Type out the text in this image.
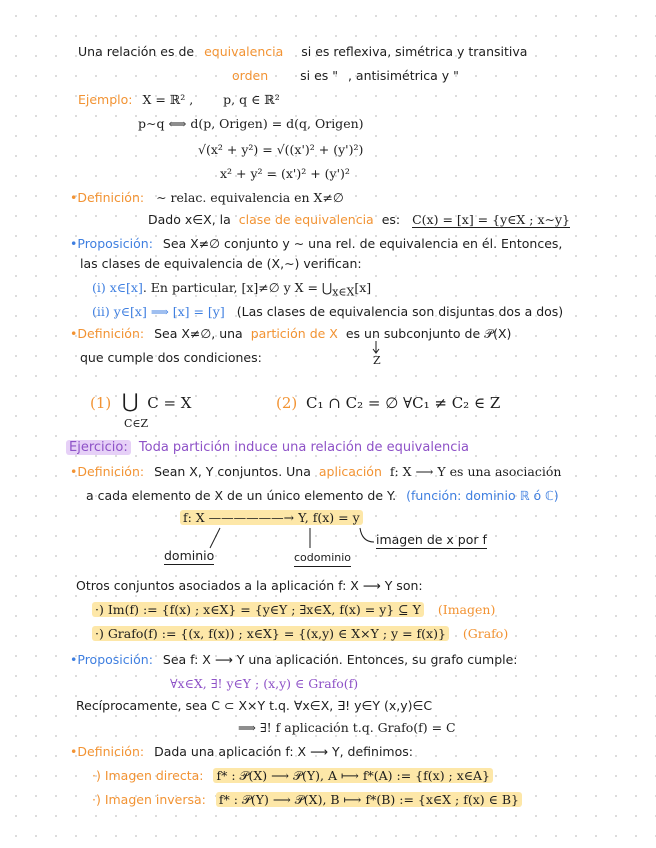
Una relación es de equivalencia si es reflexiva, simétrica y transitiva
orden	si es " , antisimétrica y "
Ejemplo: X = ℝ² , p, q ∈ ℝ²
p∼q ⟺ d(p, Origen) = d(q, Origen)
√(x² + y²) = √((x')² + (y')²)
x² + y² = (x')² + (y')²
•Definición: ∼ relac. equivalencia en X≠∅
Dado x∈X, la clase de equivalencia es: C(x) = [x] = {y∈X ; x∼y}
•Proposición: Sea X≠∅ conjunto y ∼ una rel. de equivalencia en él. Entonces,
las clases de equivalencia de (X,∼) verifican:
(i) x∈[x]. En particular, [x]≠∅ y $X = ⋃_{x\in X}[x]$
(ii) y∈[x] ⟹ [x] = [y] (Las clases de equivalencia son disjuntas dos a dos)
•Definición: Sea X≠∅, una partición de X es un subconjunto de 𝒫(X)
Z
que cumple dos condiciones:
(1) ⋃ C = X
C∈Z
(2) C₁ ∩ C₂ = ∅ ∀C₁ ≠ C₂ ∈ Z
Ejercicio: Toda partición induce una relación de equivalencia
•Definición: Sean X, Y conjuntos. Una aplicación f: X ⟶ Y es una asociación
a cada elemento de X de un único elemento de Y. (función: dominio ℝ ó ℂ)
f: X ——————→ Y, f(x) = y
dominio	codominio
imagen de x por f
Otros conjuntos asociados a la aplicación f: X ⟶ Y son:
·) Im(f) := {f(x) ; x∈X} = {y∈Y ; ∃x∈X, f(x) = y} ⊆ Y (Imagen)
·) Grafo(f) := {(x, f(x)) ; x∈X} = {(x,y) ∈ X×Y ; y = f(x)} (Grafo)
•Proposición: Sea f: X ⟶ Y una aplicación. Entonces, su grafo cumple:
∀x∈X, ∃! y∈Y ; (x,y) ∈ Grafo(f)
Recíprocamente, sea C ⊂ X×Y t.q. ∀x∈X, ∃! y∈Y (x,y)∈C
⟹ ∃! f aplicación t.q. Grafo(f) = C
•Definición: Dada una aplicación f: X ⟶ Y, definimos:
·) Imagen directa: f* : 𝒫(X) ⟶ 𝒫(Y), A ⟼ f*(A) := {f(x) ; x∈A}
·) Imagen inversa: f* : 𝒫(Y) ⟶ 𝒫(X), B ⟼ f*(B) := {x∈X ; f(x) ∈ B}
